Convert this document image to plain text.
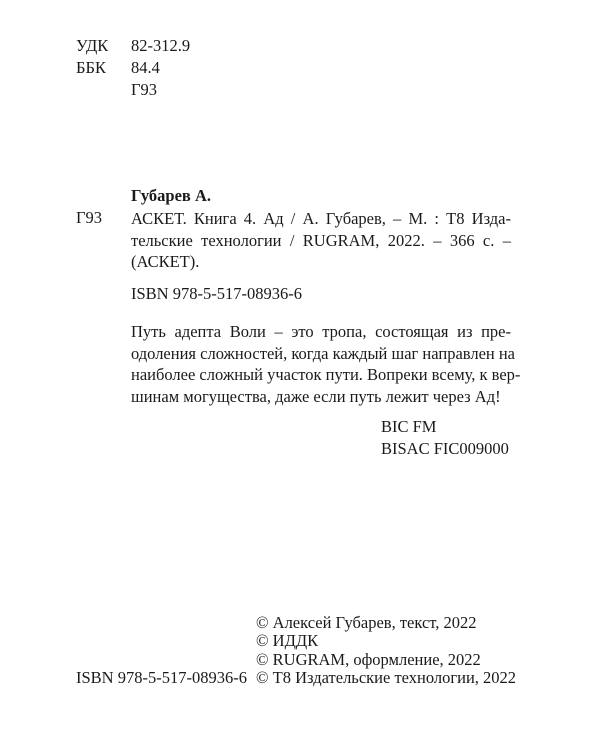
УДК 82-312.9
ББК 84.4
Г93
Губарев А.
Г93 АСКЕТ. Книга 4. Ад / А. Губарев, – М. : Т8 Изда-
тельские технологии / RUGRAM, 2022. – 366 с. –
(АСКЕТ).
ISBN 978-5-517-08936-6
Путь адепта Воли – это тропа, состоящая из пре-
одоления сложностей, когда каждый шаг направлен на
наиболее сложный участок пути. Вопреки всему, к вер-
шинам могущества, даже если путь лежит через Ад!
BIC FM
BISAC FIC009000
ISBN 978-5-517-08936-6
© Алексей Губарев, текст, 2022
© ИДДК
© RUGRAM, оформление, 2022
© Т8 Издательские технологии, 2022
